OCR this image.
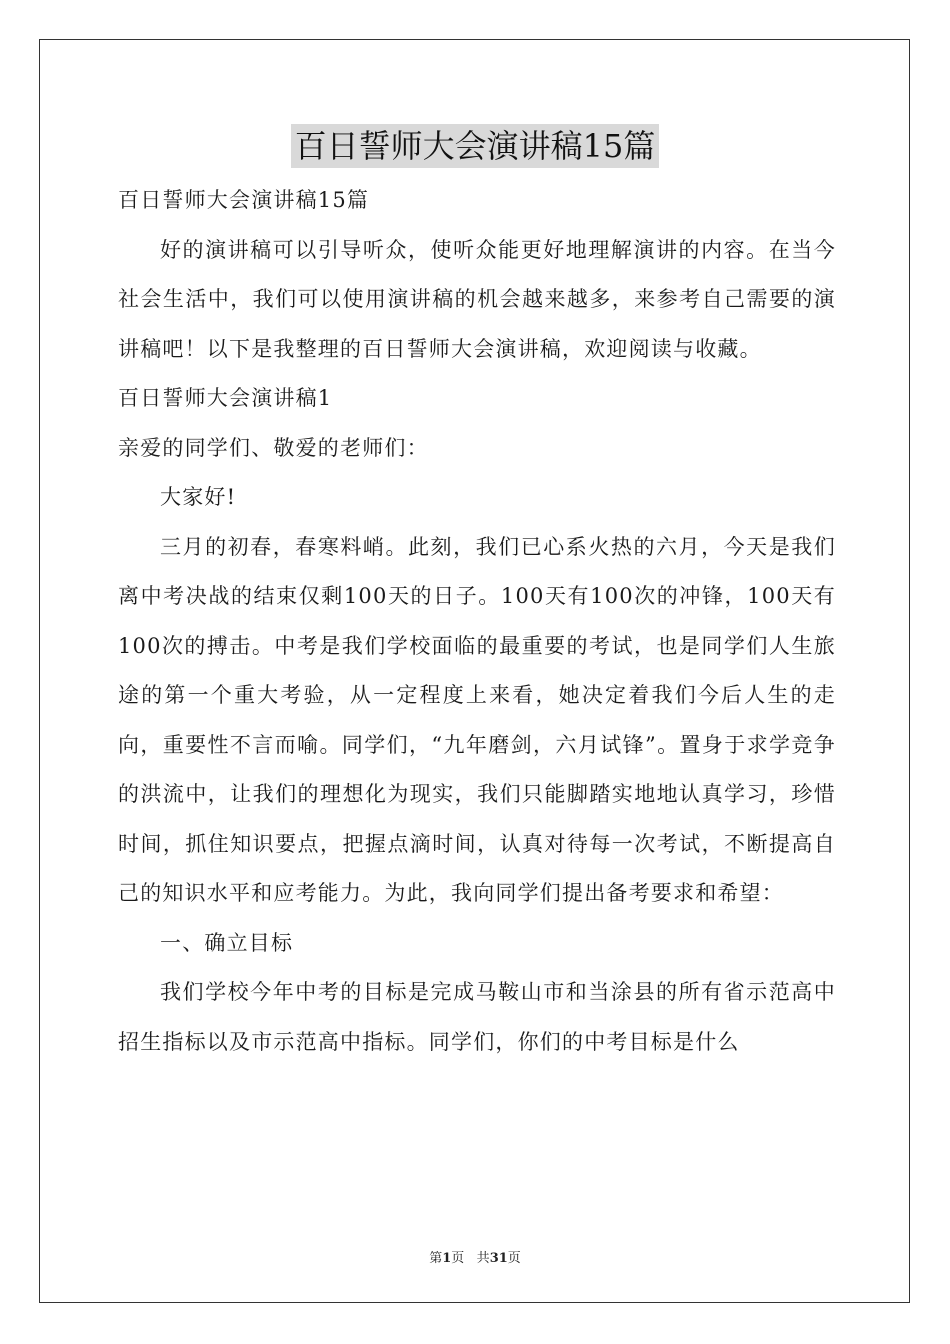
百日誓师大会演讲稿15篇

百日誓师大会演讲稿15篇

好的演讲稿可以引导听众，使听众能更好地理解演讲的内容。在当今社会生活中，我们可以使用演讲稿的机会越来越多，来参考自己需要的演讲稿吧！以下是我整理的百日誓师大会演讲稿，欢迎阅读与收藏。

百日誓师大会演讲稿1

亲爱的同学们、敬爱的老师们：

大家好!

三月的初春，春寒料峭。此刻，我们已心系火热的六月，今天是我们离中考决战的结束仅剩100天的日子。100天有100次的冲锋，100天有100次的搏击。中考是我们学校面临的最重要的考试，也是同学们人生旅途的第一个重大考验，从一定程度上来看，她决定着我们今后人生的走向，重要性不言而喻。同学们，“九年磨剑，六月试锋”。置身于求学竞争的洪流中，让我们的理想化为现实，我们只能脚踏实地地认真学习，珍惜时间，抓住知识要点，把握点滴时间，认真对待每一次考试，不断提高自己的知识水平和应考能力。为此，我向同学们提出备考要求和希望：

一、确立目标

我们学校今年中考的目标是完成马鞍山市和当涂县的所有省示范高中招生指标以及市示范高中指标。同学们，你们的中考目标是什么

第1页 共31页
